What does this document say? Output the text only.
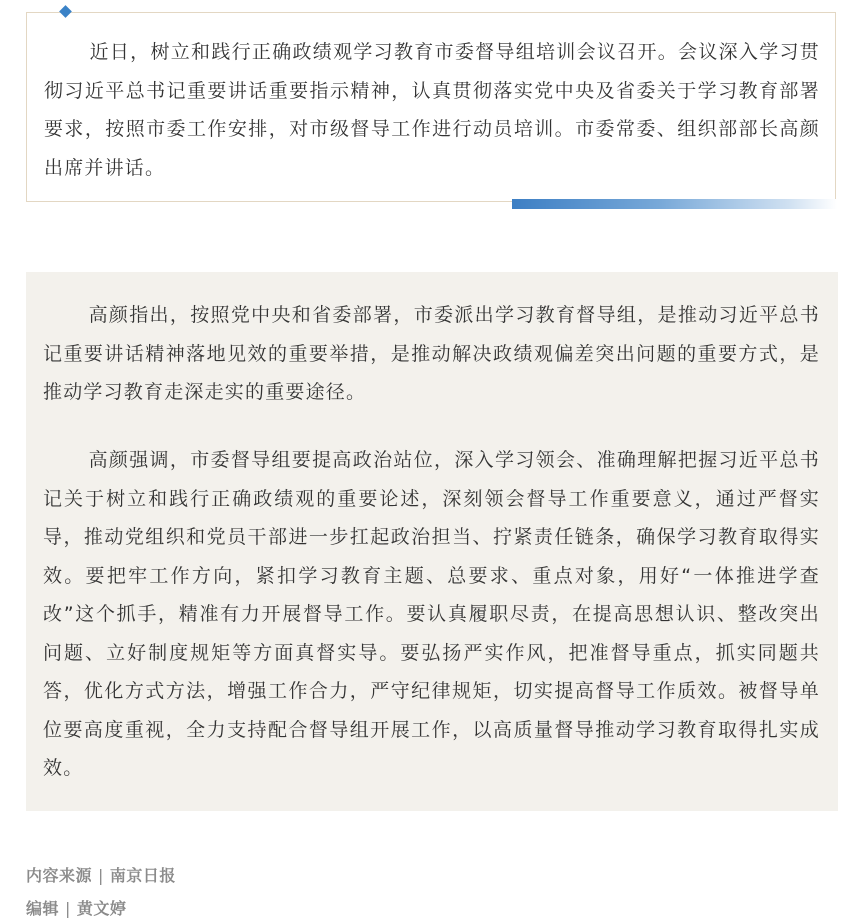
近日，树立和践行正确政绩观学习教育市委督导组培训会议召开。会议深入学习贯彻习近平总书记重要讲话重要指示精神，认真贯彻落实党中央及省委关于学习教育部署要求，按照市委工作安排，对市级督导工作进行动员培训。市委常委、组织部部长高颜出席并讲话。

高颜指出，按照党中央和省委部署，市委派出学习教育督导组，是推动习近平总书记重要讲话精神落地见效的重要举措，是推动解决政绩观偏差突出问题的重要方式，是推动学习教育走深走实的重要途径。

高颜强调，市委督导组要提高政治站位，深入学习领会、准确理解把握习近平总书记关于树立和践行正确政绩观的重要论述，深刻领会督导工作重要意义，通过严督实导，推动党组织和党员干部进一步扛起政治担当、拧紧责任链条，确保学习教育取得实效。要把牢工作方向，紧扣学习教育主题、总要求、重点对象，用好“一体推进学查改”这个抓手，精准有力开展督导工作。要认真履职尽责，在提高思想认识、整改突出问题、立好制度规矩等方面真督实导。要弘扬严实作风，把准督导重点，抓实同题共答，优化方式方法，增强工作合力，严守纪律规矩，切实提高督导工作质效。被督导单位要高度重视，全力支持配合督导组开展工作，以高质量督导推动学习教育取得扎实成效。

内容来源 | 南京日报
编辑 | 黄文婷
